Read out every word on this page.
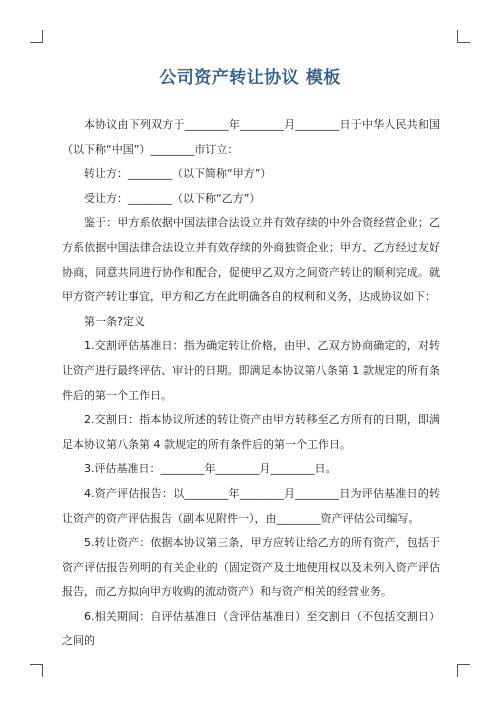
公司资产转让协议 模板

本协议由下列双方于________年________月________日于中华人民共和国（以下称“中国”）________市订立：

转让方：________（以下简称“甲方”）

受让方：________（以下称“乙方”）

鉴于：甲方系依据中国法律合法设立并有效存续的中外合资经营企业；乙方系依据中国法律合法设立并有效存续的外商独资企业；甲方、乙方经过友好协商，同意共同进行协作和配合，促使甲乙双方之间资产转让的顺利完成。就甲方资产转让事宜，甲方和乙方在此明确各自的权利和义务，达成协议如下：

第一条?定义

1.交割评估基准日：指为确定转让价格，由甲、乙双方协商确定的，对转让资产进行最终评估、审计的日期。即满足本协议第八条第 1 款规定的所有条件后的第一个工作日。

2.交割日：指本协议所述的转让资产由甲方转移至乙方所有的日期，即满足本协议第八条第 4 款规定的所有条件后的第一个工作日。

3.评估基准日：________年________月________日。

4.资产评估报告：以________年________月________日为评估基准日的转让资产的资产评估报告（副本见附件一），由________资产评估公司编写。

5.转让资产：依据本协议第三条，甲方应转让给乙方的所有资产，包括于资产评估报告列明的有关企业的（固定资产及土地使用权以及未列入资产评估报告，而乙方拟向甲方收购的流动资产）和与资产相关的经营业务。

6.相关期间：自评估基准日（含评估基准日）至交割日（不包括交割日）之间的
